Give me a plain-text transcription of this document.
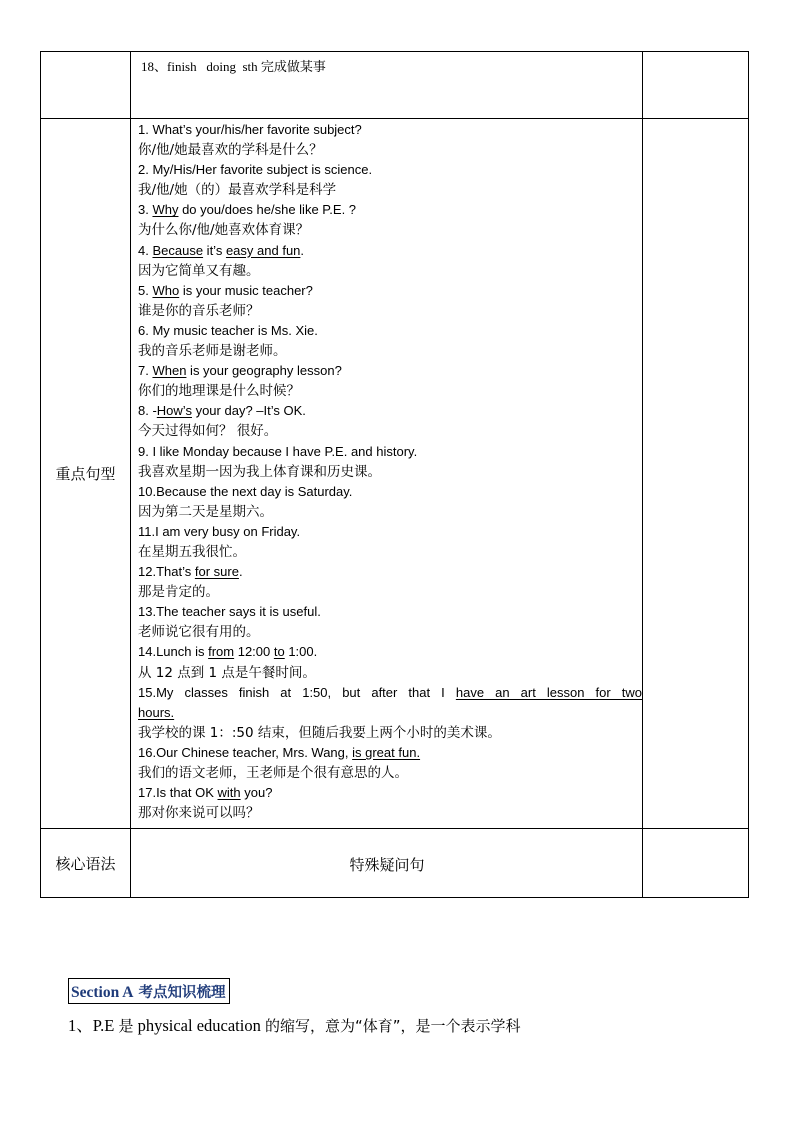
18、finish   doing  sth 完成做某事
重点句型
1. What’s your/his/her favorite subject?
你/他/她最喜欢的学科是什么？
2. My/His/Her favorite subject is science.
我/他/她（的）最喜欢学科是科学
3. Why do you/does he/she like P.E. ?
为什么你/他/她喜欢体育课？
4. Because it’s easy and fun.
因为它简单又有趣。
5. Who is your music teacher?
谁是你的音乐老师？
6. My music teacher is Ms. Xie.
我的音乐老师是谢老师。
7. When is your geography lesson?
你们的地理课是什么时候？
8. -How’s your day? –It’s OK.
今天过得如何？ 很好。
9. I like Monday because I have P.E. and history.
我喜欢星期一因为我上体育课和历史课。
10.Because the next day is Saturday.
因为第二天是星期六。
11.I am very busy on Friday.
在星期五我很忙。
12.That’s for sure.
那是肯定的。
13.The teacher says it is useful.
老师说它很有用的。
14.Lunch is from 12:00 to 1:00.
从 12 点到 1 点是午餐时间。
15.My classes finish at 1:50, but after that I have an art lesson for two
hours.
我学校的课 1：:50 结束，但随后我要上两个小时的美术课。
16.Our Chinese teacher, Mrs. Wang, is great fun.
我们的语文老师，王老师是个很有意思的人。
17.Is that OK with you?
那对你来说可以吗？
核心语法	特殊疑问句
Section A 考点知识梳理
1、P.E 是 physical education 的缩写，意为“体育”，是一个表示学科
